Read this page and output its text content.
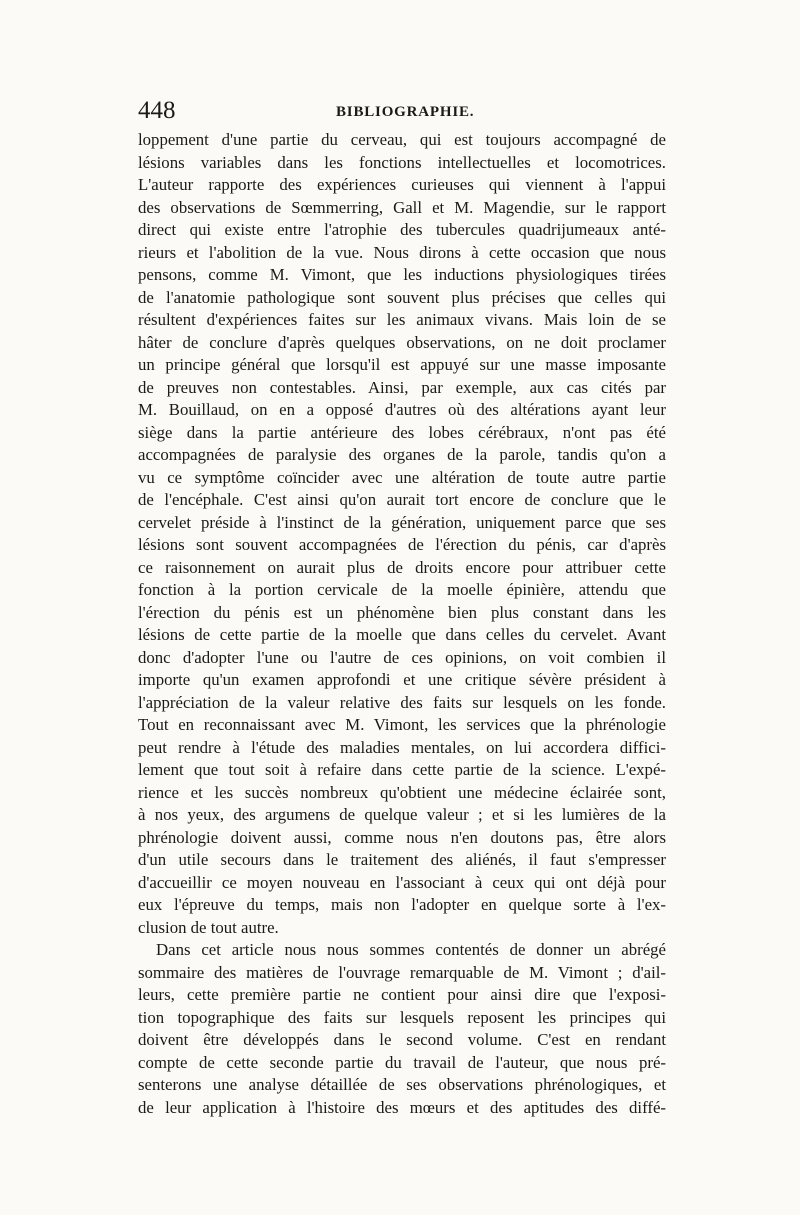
448	BIBLIOGRAPHIE.
loppement d'une partie du cerveau, qui est toujours accompagné de
lésions variables dans les fonctions intellectuelles et locomotrices.
L'auteur rapporte des expériences curieuses qui viennent à l'appui
des observations de Sœmmerring, Gall et M. Magendie, sur le rapport
direct qui existe entre l'atrophie des tubercules quadrijumeaux anté-
rieurs et l'abolition de la vue. Nous dirons à cette occasion que nous
pensons, comme M. Vimont, que les inductions physiologiques tirées
de l'anatomie pathologique sont souvent plus précises que celles qui
résultent d'expériences faites sur les animaux vivans. Mais loin de se
hâter de conclure d'après quelques observations, on ne doit proclamer
un principe général que lorsqu'il est appuyé sur une masse imposante
de preuves non contestables. Ainsi, par exemple, aux cas cités par
M. Bouillaud, on en a opposé d'autres où des altérations ayant leur
siège dans la partie antérieure des lobes cérébraux, n'ont pas été
accompagnées de paralysie des organes de la parole, tandis qu'on a
vu ce symptôme coïncider avec une altération de toute autre partie
de l'encéphale. C'est ainsi qu'on aurait tort encore de conclure que le
cervelet préside à l'instinct de la génération, uniquement parce que ses
lésions sont souvent accompagnées de l'érection du pénis, car d'après
ce raisonnement on aurait plus de droits encore pour attribuer cette
fonction à la portion cervicale de la moelle épinière, attendu que
l'érection du pénis est un phénomène bien plus constant dans les
lésions de cette partie de la moelle que dans celles du cervelet. Avant
donc d'adopter l'une ou l'autre de ces opinions, on voit combien il
importe qu'un examen approfondi et une critique sévère président à
l'appréciation de la valeur relative des faits sur lesquels on les fonde.
Tout en reconnaissant avec M. Vimont, les services que la phrénologie
peut rendre à l'étude des maladies mentales, on lui accordera diffici-
lement que tout soit à refaire dans cette partie de la science. L'expé-
rience et les succès nombreux qu'obtient une médecine éclairée sont,
à nos yeux, des argumens de quelque valeur ; et si les lumières de la
phrénologie doivent aussi, comme nous n'en doutons pas, être alors
d'un utile secours dans le traitement des aliénés, il faut s'empresser
d'accueillir ce moyen nouveau en l'associant à ceux qui ont déjà pour
eux l'épreuve du temps, mais non l'adopter en quelque sorte à l'ex-
clusion de tout autre.
Dans cet article nous nous sommes contentés de donner un abrégé
sommaire des matières de l'ouvrage remarquable de M. Vimont ; d'ail-
leurs, cette première partie ne contient pour ainsi dire que l'exposi-
tion topographique des faits sur lesquels reposent les principes qui
doivent être développés dans le second volume. C'est en rendant
compte de cette seconde partie du travail de l'auteur, que nous pré-
senterons une analyse détaillée de ses observations phrénologiques, et
de leur application à l'histoire des mœurs et des aptitudes des diffé-
